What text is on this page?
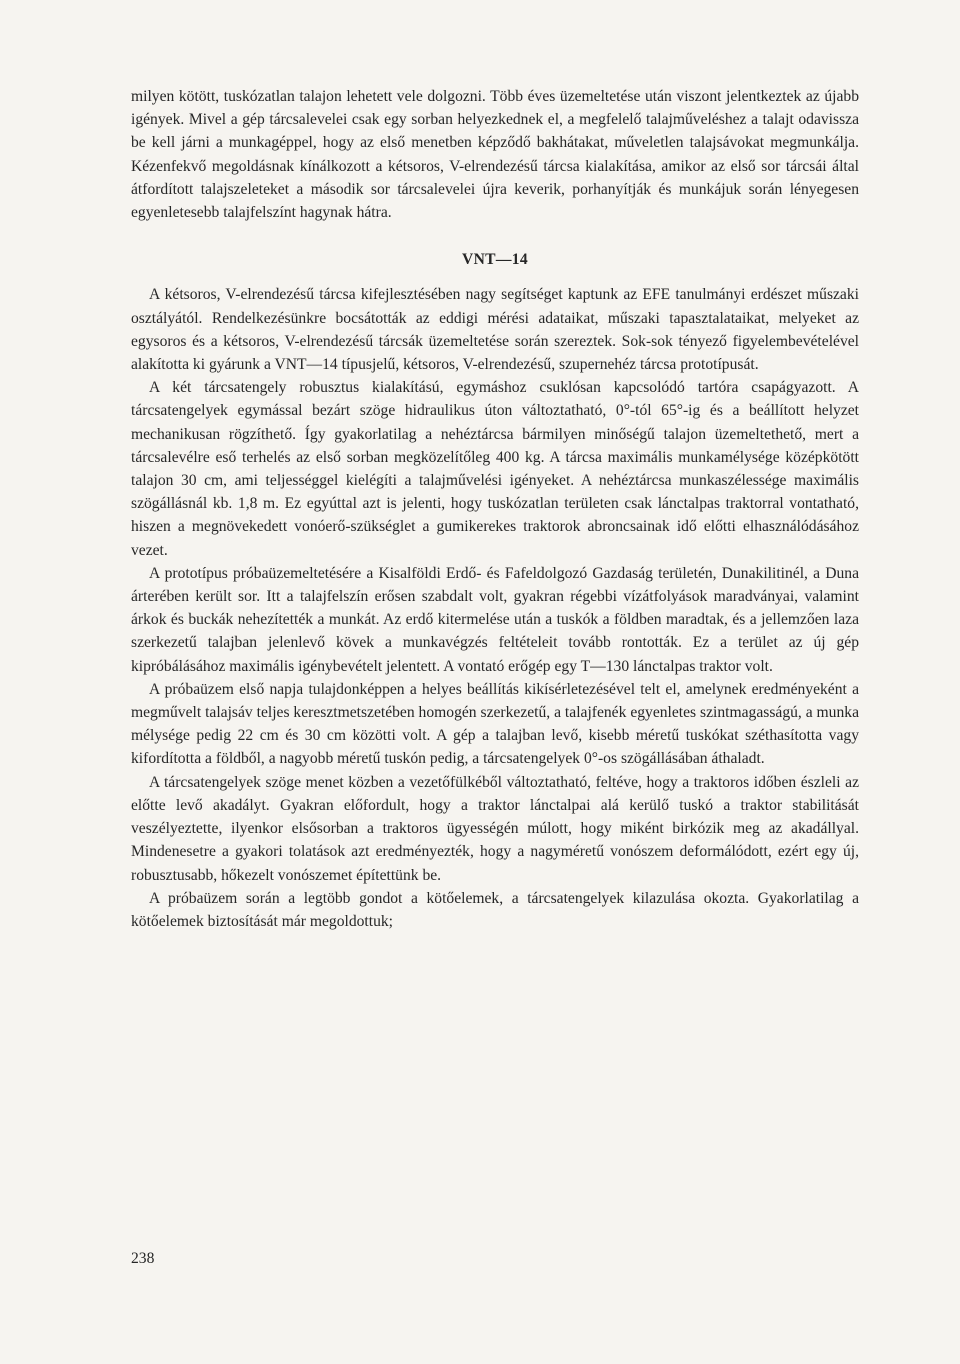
milyen kötött, tuskózatlan talajon lehetett vele dolgozni. Több éves üzemeltetése után viszont jelentkeztek az újabb igények. Mivel a gép tárcsalevelei csak egy sorban helyezkednek el, a megfelelő talajműveléshez a talajt odavissza be kell járni a munkagéppel, hogy az első menetben képződő bakhátakat, műveletlen talajsávokat megmunkálja. Kézenfekvő megoldásnak kínálkozott a kétsoros, V-elrendezésű tárcsa kialakítása, amikor az első sor tárcsái által átfordított talajszeleteket a második sor tárcsalevelei újra keverik, porhanyítják és munkájuk során lényegesen egyenletesebb talajfelszínt hagynak hátra.

VNT—14

A kétsoros, V-elrendezésű tárcsa kifejlesztésében nagy segítséget kaptunk az EFE tanulmányi erdészet műszaki osztályától. Rendelkezésünkre bocsátották az eddigi mérési adataikat, műszaki tapasztalataikat, melyeket az egysoros és a kétsoros, V-elrendezésű tárcsák üzemeltetése során szereztek. Sok-sok tényező figyelembevételével alakította ki gyárunk a VNT—14 típusjelű, kétsoros, V-elrendezésű, szupernehéz tárcsa prototípusát.

A két tárcsatengely robusztus kialakítású, egymáshoz csuklósan kapcsolódó tartóra csapágyazott. A tárcsatengelyek egymással bezárt szöge hidraulikus úton változtatható, 0°-tól 65°-ig és a beállított helyzet mechanikusan rögzíthető. Így gyakorlatilag a nehéztárcsa bármilyen minőségű talajon üzemeltethető, mert a tárcsalevélre eső terhelés az első sorban megközelítőleg 400 kg. A tárcsa maximális munkamélysége középkötött talajon 30 cm, ami teljességgel kielégíti a talajművelési igényeket. A nehéztárcsa munkaszélessége maximális szögállásnál kb. 1,8 m. Ez egyúttal azt is jelenti, hogy tuskózatlan területen csak lánctalpas traktorral vontatható, hiszen a megnövekedett vonóerő-szükséglet a gumikerekes traktorok abroncsainak idő előtti elhasználódásához vezet.

A prototípus próbaüzemeltetésére a Kisalföldi Erdő- és Fafeldolgozó Gazdaság területén, Dunakilitinél, a Duna árterében került sor. Itt a talajfelszín erősen szabdalt volt, gyakran régebbi vízátfolyások maradványai, valamint árkok és buckák nehezítették a munkát. Az erdő kitermelése után a tuskók a földben maradtak, és a jellemzően laza szerkezetű talajban jelenlevő kövek a munkavégzés feltételeit tovább rontották. Ez a terület az új gép kipróbálásához maximális igénybevételt jelentett. A vontató erőgép egy T—130 lánctalpas traktor volt.

A próbaüzem első napja tulajdonképpen a helyes beállítás kikísérletezésével telt el, amelynek eredményeként a megművelt talajsáv teljes keresztmetszetében homogén szerkezetű, a talajfenék egyenletes szintmagasságú, a munka mélysége pedig 22 cm és 30 cm közötti volt. A gép a talajban levő, kisebb méretű tuskókat széthasította vagy kifordította a földből, a nagyobb méretű tuskón pedig, a tárcsatengelyek 0°-os szögállásában áthaladt.

A tárcsatengelyek szöge menet közben a vezetőfülkéből változtatható, feltéve, hogy a traktoros időben észleli az előtte levő akadályt. Gyakran előfordult, hogy a traktor lánctalpai alá kerülő tuskó a traktor stabilitását veszélyeztette, ilyenkor elsősorban a traktoros ügyességén múlott, hogy miként birkózik meg az akadállyal. Mindenesetre a gyakori tolatások azt eredményezték, hogy a nagyméretű vonószem deformálódott, ezért egy új, robusztusabb, hőkezelt vonószemet építettünk be.

A próbaüzem során a legtöbb gondot a kötőelemek, a tárcsatengelyek kilazulása okozta. Gyakorlatilag a kötőelemek biztosítását már megoldottuk;

238
